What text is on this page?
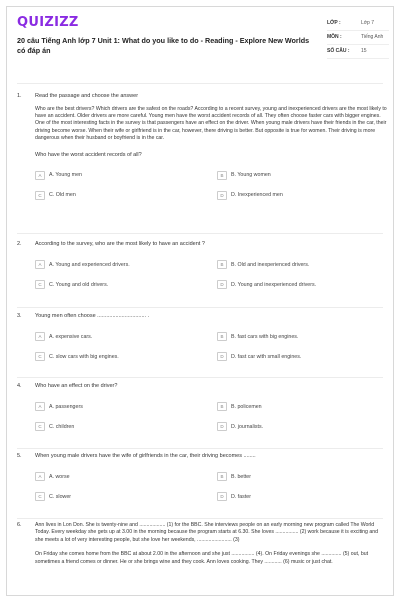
QUIZIZZ
20 câu Tiếng Anh lớp 7 Unit 1: What do you like to do - Reading - Explore New Worlds có đáp án
LỚP :	Lớp 7
MÔN :	Tiếng Anh
SỐ CÂU :	15
1. Read the passage and choose the answer
Who are the best drivers? Which drivers are the safest on the roads? According to a recent survey, young and inexperienced drivers are the most likely to have an accident. Older drivers are more careful. Young men have the worst accident records of all. They often choose faster cars with bigger engines. One of the most interesting facts in the survey is that passengers have an effect on the driver. When young male drivers have their friends in the car, their driving become worse. When their wife or girlfriend is in the car, however, there driving is better. But opposite is true for women. Their driving is more dangerous when their husband or boyfriend is in the car.
Who have the worst accident records of all?
A	A. Young men	B	B. Young women
C	C. Old men	D	D. Inexperienced men
2. According to the survey, who are the most likely to have an accident ?
A	A. Young and experienced drivers.	B	B. Old and inexperienced drivers.
C	C. Young and old drivers.	D	D. Young and inexperienced drivers.
3. Young men often choose ................................ .
A	A. expensive cars.	B	B. fast cars with big engines.
C	C. slow cars with big engines.	D	D. fast car with small engines.
4. Who have an effect on the driver?
A	A. passengers	B	B. policemen
C	C. children	D	D. journalists.
5. When young male drivers have the wife of girlfriends in the car, their driving becomes ........
A	A. worse	B	B. better
C	C. slower	D	D. faster
6.	Ann lives in Lon Don. She is twenty-nine and .................. (1) for the BBC. She interviews people on an early morning new program called The World Today. Every weekday she gets up at 3.00 in the morning because the program starts at 6.30. She loves ................ (2) work because it is exciting and she meets a lot of very interesting people, but she love her weekends, ........................ (3)
On Friday she comes home from the BBC at about 2.00 in the afternoon and she just ................ (4). On Friday evenings she .............. (5) out, but sometimes a friend comes or dinner. He or she brings wine and they cook. Ann loves cooking. They ............ (6) music or just chat.
